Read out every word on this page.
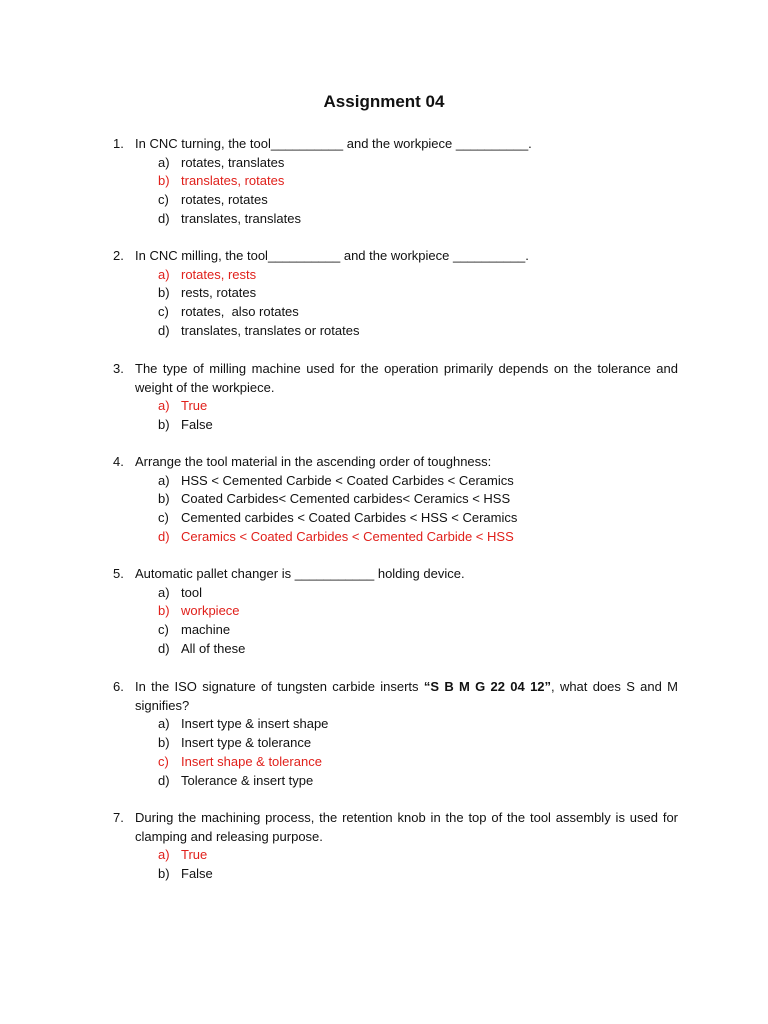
Assignment 04
1. In CNC turning, the tool__________ and the workpiece __________.
a) rotates, translates
b) translates, rotates
c) rotates, rotates
d) translates, translates
2. In CNC milling, the tool__________ and the workpiece __________.
a) rotates, rests
b) rests, rotates
c) rotates,  also rotates
d) translates, translates or rotates
3. The type of milling machine used for the operation primarily depends on the tolerance and weight of the workpiece.
a) True
b) False
4. Arrange the tool material in the ascending order of toughness:
a) HSS < Cemented Carbide < Coated Carbides < Ceramics
b) Coated Carbides< Cemented carbides< Ceramics < HSS
c) Cemented carbides < Coated Carbides < HSS < Ceramics
d) Ceramics < Coated Carbides < Cemented Carbide < HSS
5. Automatic pallet changer is ___________ holding device.
a) tool
b) workpiece
c) machine
d) All of these
6. In the ISO signature of tungsten carbide inserts “S B M G 22 04 12”, what does S and M signifies?
a) Insert type & insert shape
b) Insert type & tolerance
c) Insert shape & tolerance
d) Tolerance & insert type
7. During the machining process, the retention knob in the top of the tool assembly is used for clamping and releasing purpose.
a) True
b) False
